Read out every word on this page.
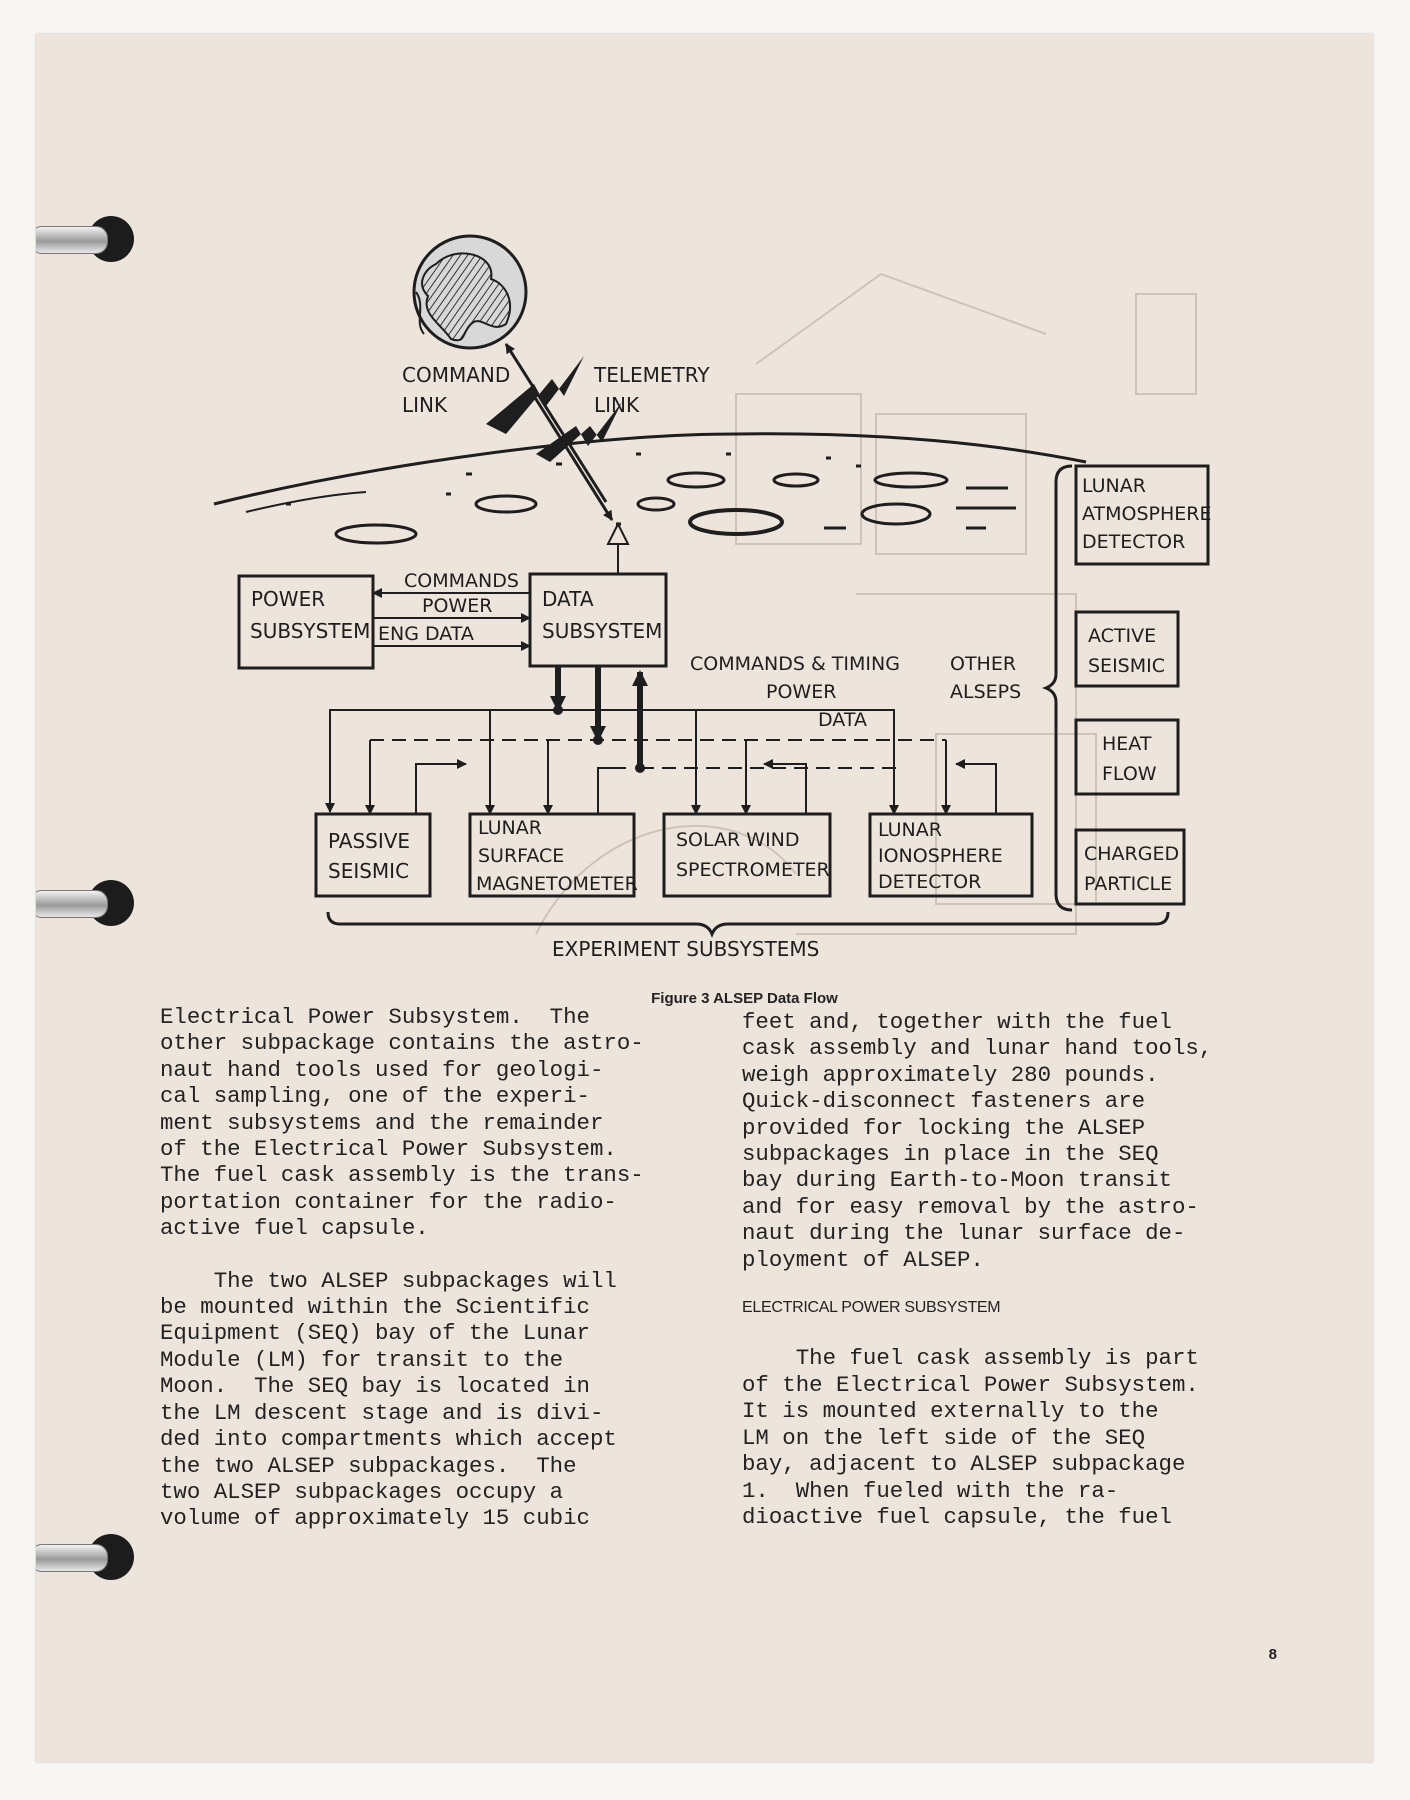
COMMAND
LINK
TELEMETRY
LINK
POWER
SUBSYSTEM
DATA
SUBSYSTEM
COMMANDS
POWER
ENG DATA
COMMANDS & TIMING
POWER
DATA
PASSIVE
SEISMIC
LUNAR
SURFACE
MAGNETOMETER
SOLAR WIND
SPECTROMETER
LUNAR
IONOSPHERE
DETECTOR
EXPERIMENT SUBSYSTEMS
OTHER
ALSEPS
LUNAR
ATMOSPHERE
DETECTOR
ACTIVE
SEISMIC
HEAT
FLOW
CHARGED
PARTICLE
Figure 3 ALSEP Data Flow

Electrical Power Subsystem.  The

other subpackage contains the astro-

naut hand tools used for geologi-

cal sampling, one of the experi-

ment subsystems and the remainder

of the Electrical Power Subsystem.

The fuel cask assembly is the trans-

portation container for the radio-

active fuel capsule.

The two ALSEP subpackages will

be mounted within the Scientific

Equipment (SEQ) bay of the Lunar

Module (LM) for transit to the

Moon.  The SEQ bay is located in

the LM descent stage and is divi-

ded into compartments which accept

the two ALSEP subpackages.  The

two ALSEP subpackages occupy a

volume of approximately 15 cubic

feet and, together with the fuel

cask assembly and lunar hand tools,

weigh approximately 280 pounds.

Quick-disconnect fasteners are

provided for locking the ALSEP

subpackages in place in the SEQ

bay during Earth-to-Moon transit

and for easy removal by the astro-

naut during the lunar surface de-

ployment of ALSEP.

ELECTRICAL POWER SUBSYSTEM

The fuel cask assembly is part

of the Electrical Power Subsystem.

It is mounted externally to the

LM on the left side of the SEQ

bay, adjacent to ALSEP subpackage

1.  When fueled with the ra-

dioactive fuel capsule, the fuel

8
